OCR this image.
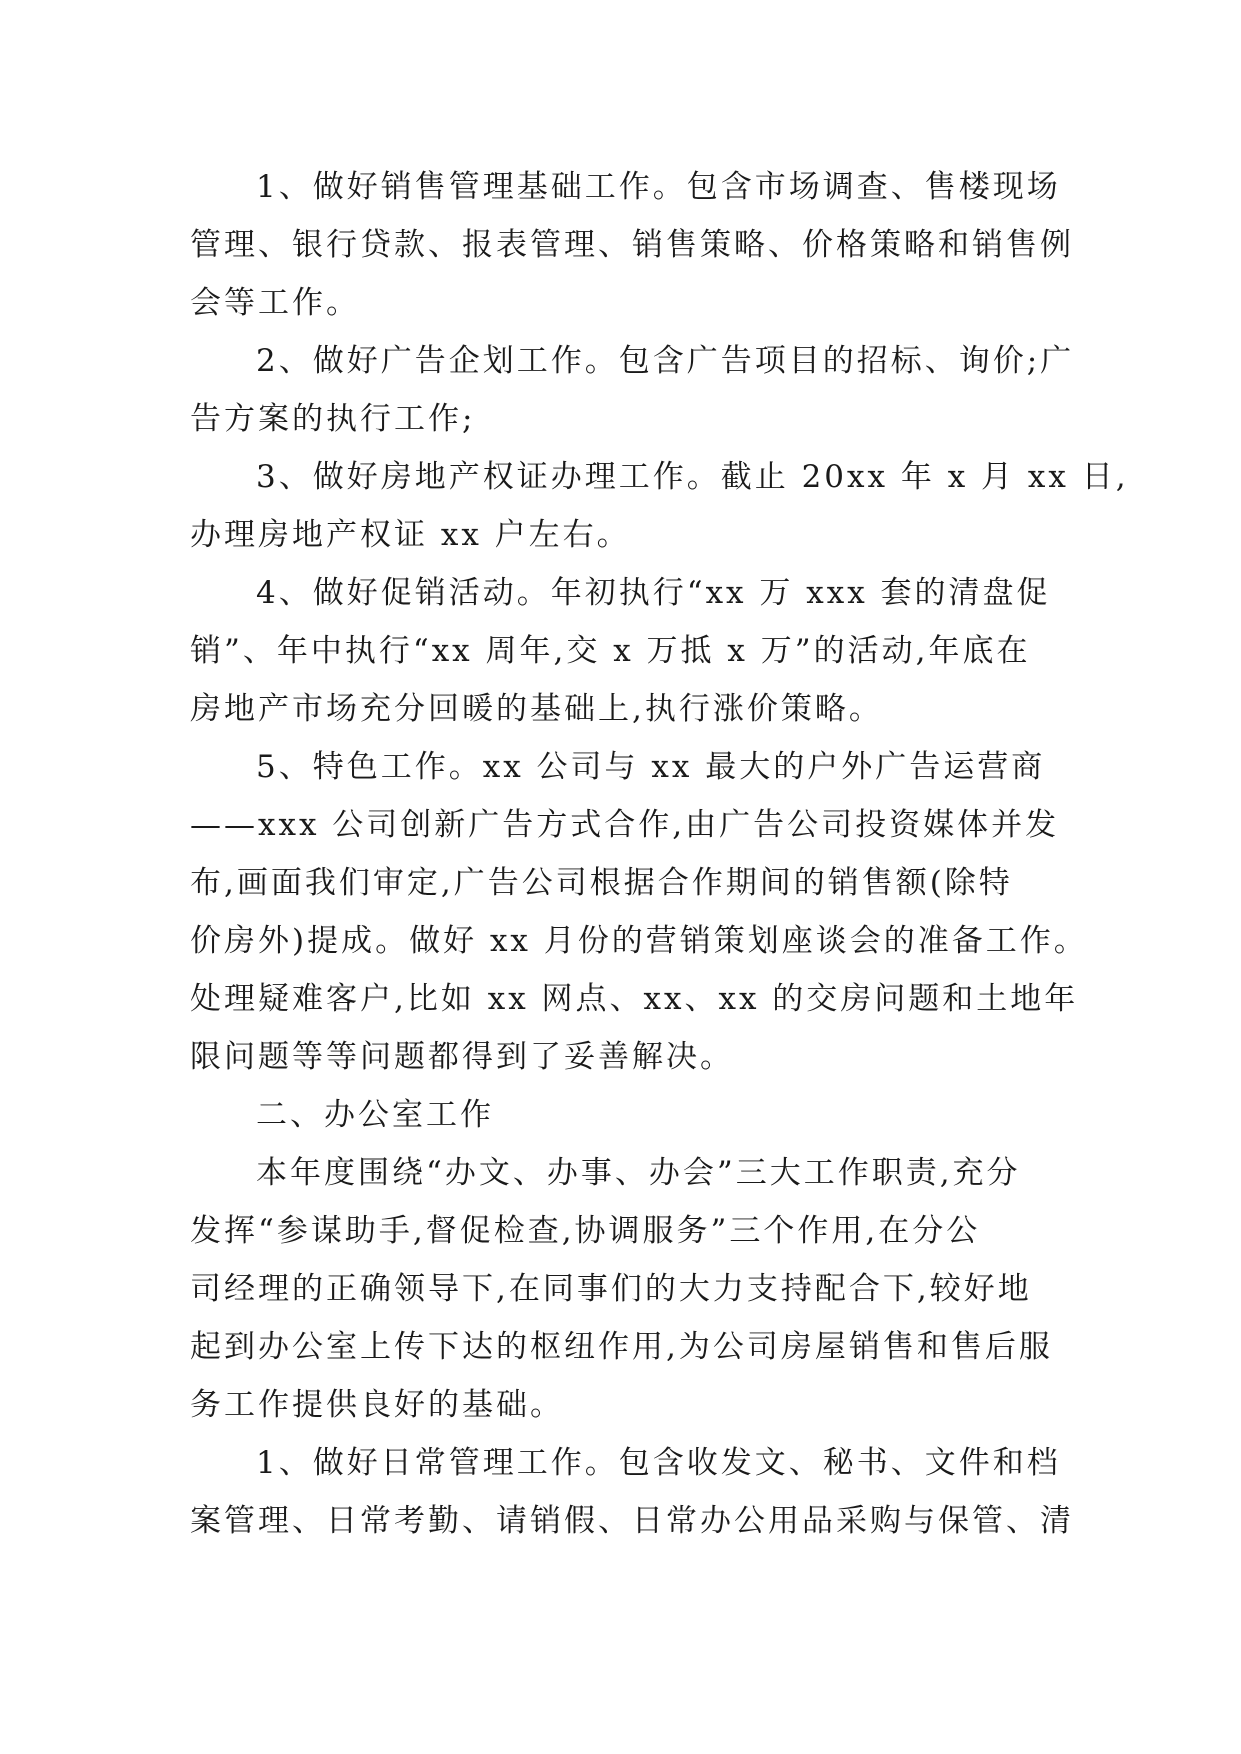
1、做好销售管理基础工作。包含市场调查、售楼现场
管理、银行贷款、报表管理、销售策略、价格策略和销售例
会等工作。
2、做好广告企划工作。包含广告项目的招标、询价;广
告方案的执行工作;
3、做好房地产权证办理工作。截止 20xx 年 x 月 xx 日,
办理房地产权证 xx 户左右。
4、做好促销活动。年初执行“xx 万 xxx 套的清盘促
销”、年中执行“xx 周年,交 x 万抵 x 万”的活动,年底在
房地产市场充分回暖的基础上,执行涨价策略。
5、特色工作。xx 公司与 xx 最大的户外广告运营商
——xxx 公司创新广告方式合作,由广告公司投资媒体并发
布,画面我们审定,广告公司根据合作期间的销售额(除特
价房外)提成。做好 xx 月份的营销策划座谈会的准备工作。
处理疑难客户,比如 xx 网点、xx、xx 的交房问题和土地年
限问题等等问题都得到了妥善解决。
二、办公室工作
本年度围绕“办文、办事、办会”三大工作职责,充分
发挥“参谋助手,督促检查,协调服务”三个作用,在分公
司经理的正确领导下,在同事们的大力支持配合下,较好地
起到办公室上传下达的枢纽作用,为公司房屋销售和售后服
务工作提供良好的基础。
1、做好日常管理工作。包含收发文、秘书、文件和档
案管理、日常考勤、请销假、日常办公用品采购与保管、清
